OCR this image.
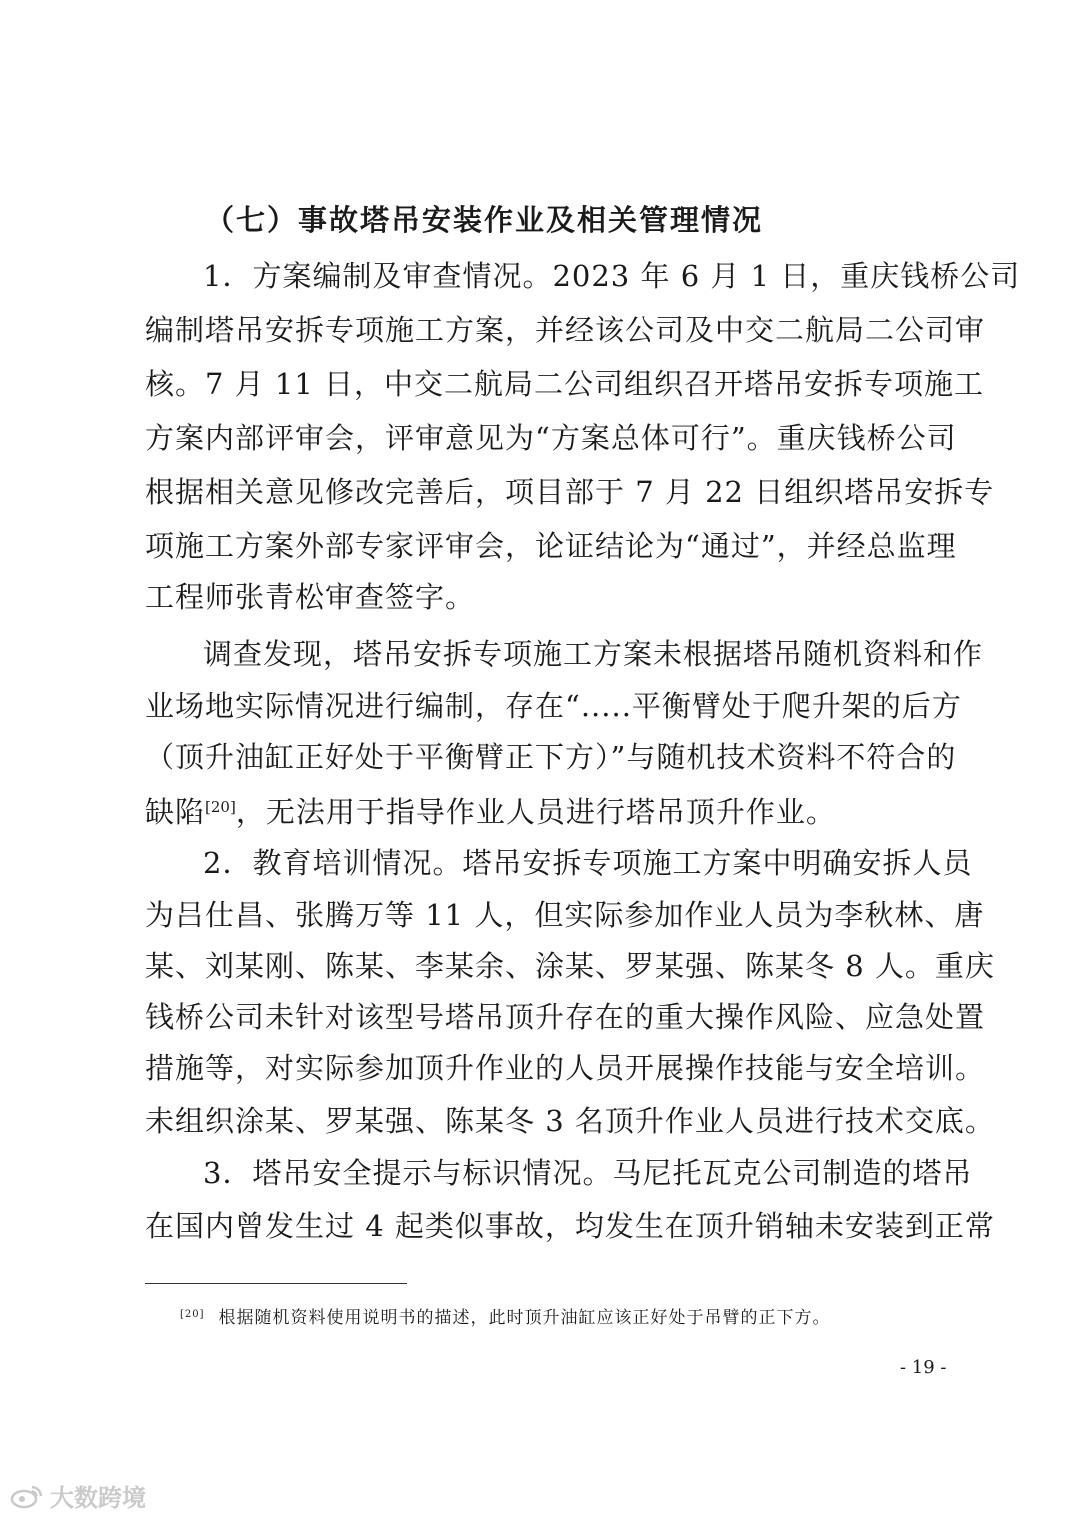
（七）事故塔吊安装作业及相关管理情况
1．方案编制及审查情况。2023 年 6 月 1 日，重庆钱桥公司
编制塔吊安拆专项施工方案，并经该公司及中交二航局二公司审
核。7 月 11 日，中交二航局二公司组织召开塔吊安拆专项施工
方案内部评审会，评审意见为“方案总体可行”。重庆钱桥公司
根据相关意见修改完善后，项目部于 7 月 22 日组织塔吊安拆专
项施工方案外部专家评审会，论证结论为“通过”，并经总监理
工程师张青松审查签字。
调查发现，塔吊安拆专项施工方案未根据塔吊随机资料和作
业场地实际情况进行编制，存在“.....平衡臂处于爬升架的后方
（顶升油缸正好处于平衡臂正下方）”与随机技术资料不符合的
缺陷[20]，无法用于指导作业人员进行塔吊顶升作业。
2．教育培训情况。塔吊安拆专项施工方案中明确安拆人员
为吕仕昌、张腾万等 11 人，但实际参加作业人员为李秋林、唐
某、刘某刚、陈某、李某余、涂某、罗某强、陈某冬 8 人。重庆
钱桥公司未针对该型号塔吊顶升存在的重大操作风险、应急处置
措施等，对实际参加顶升作业的人员开展操作技能与安全培训。
未组织涂某、罗某强、陈某冬 3 名顶升作业人员进行技术交底。
3．塔吊安全提示与标识情况。马尼托瓦克公司制造的塔吊
在国内曾发生过 4 起类似事故，均发生在顶升销轴未安装到正常
[20] 根据随机资料使用说明书的描述，此时顶升油缸应该正好处于吊臂的正下方。
- 19 -
大数跨境
